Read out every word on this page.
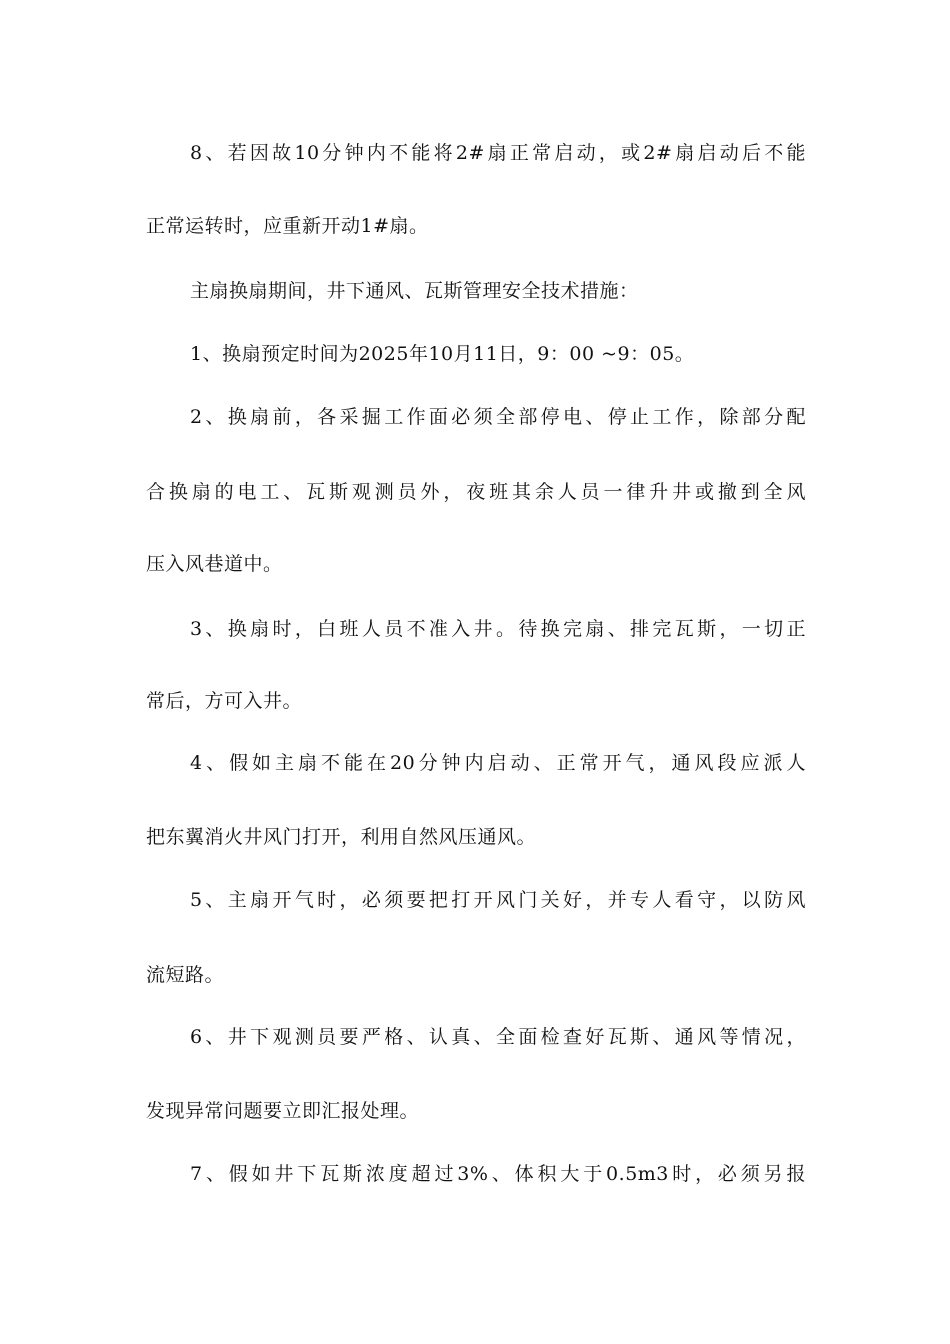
8、若因故10分钟内不能将2#扇正常启动，或2#扇启动后不能
正常运转时，应重新开动1#扇。
主扇换扇期间，井下通风、瓦斯管理安全技术措施：
1、换扇预定时间为2025年10月11日，9：00 ~9：05。
2、换扇前，各采掘工作面必须全部停电、停止工作，除部分配
合换扇的电工、瓦斯观测员外，夜班其余人员一律升井或撤到全风
压入风巷道中。
3、换扇时，白班人员不准入井。待换完扇、排完瓦斯，一切正
常后，方可入井。
4、假如主扇不能在20分钟内启动、正常开气，通风段应派人
把东翼消火井风门打开，利用自然风压通风。
5、主扇开气时，必须要把打开风门关好，并专人看守，以防风
流短路。
6、井下观测员要严格、认真、全面检查好瓦斯、通风等情况，
发现异常问题要立即汇报处理。
7、假如井下瓦斯浓度超过3%、体积大于0.5m3时，必须另报
